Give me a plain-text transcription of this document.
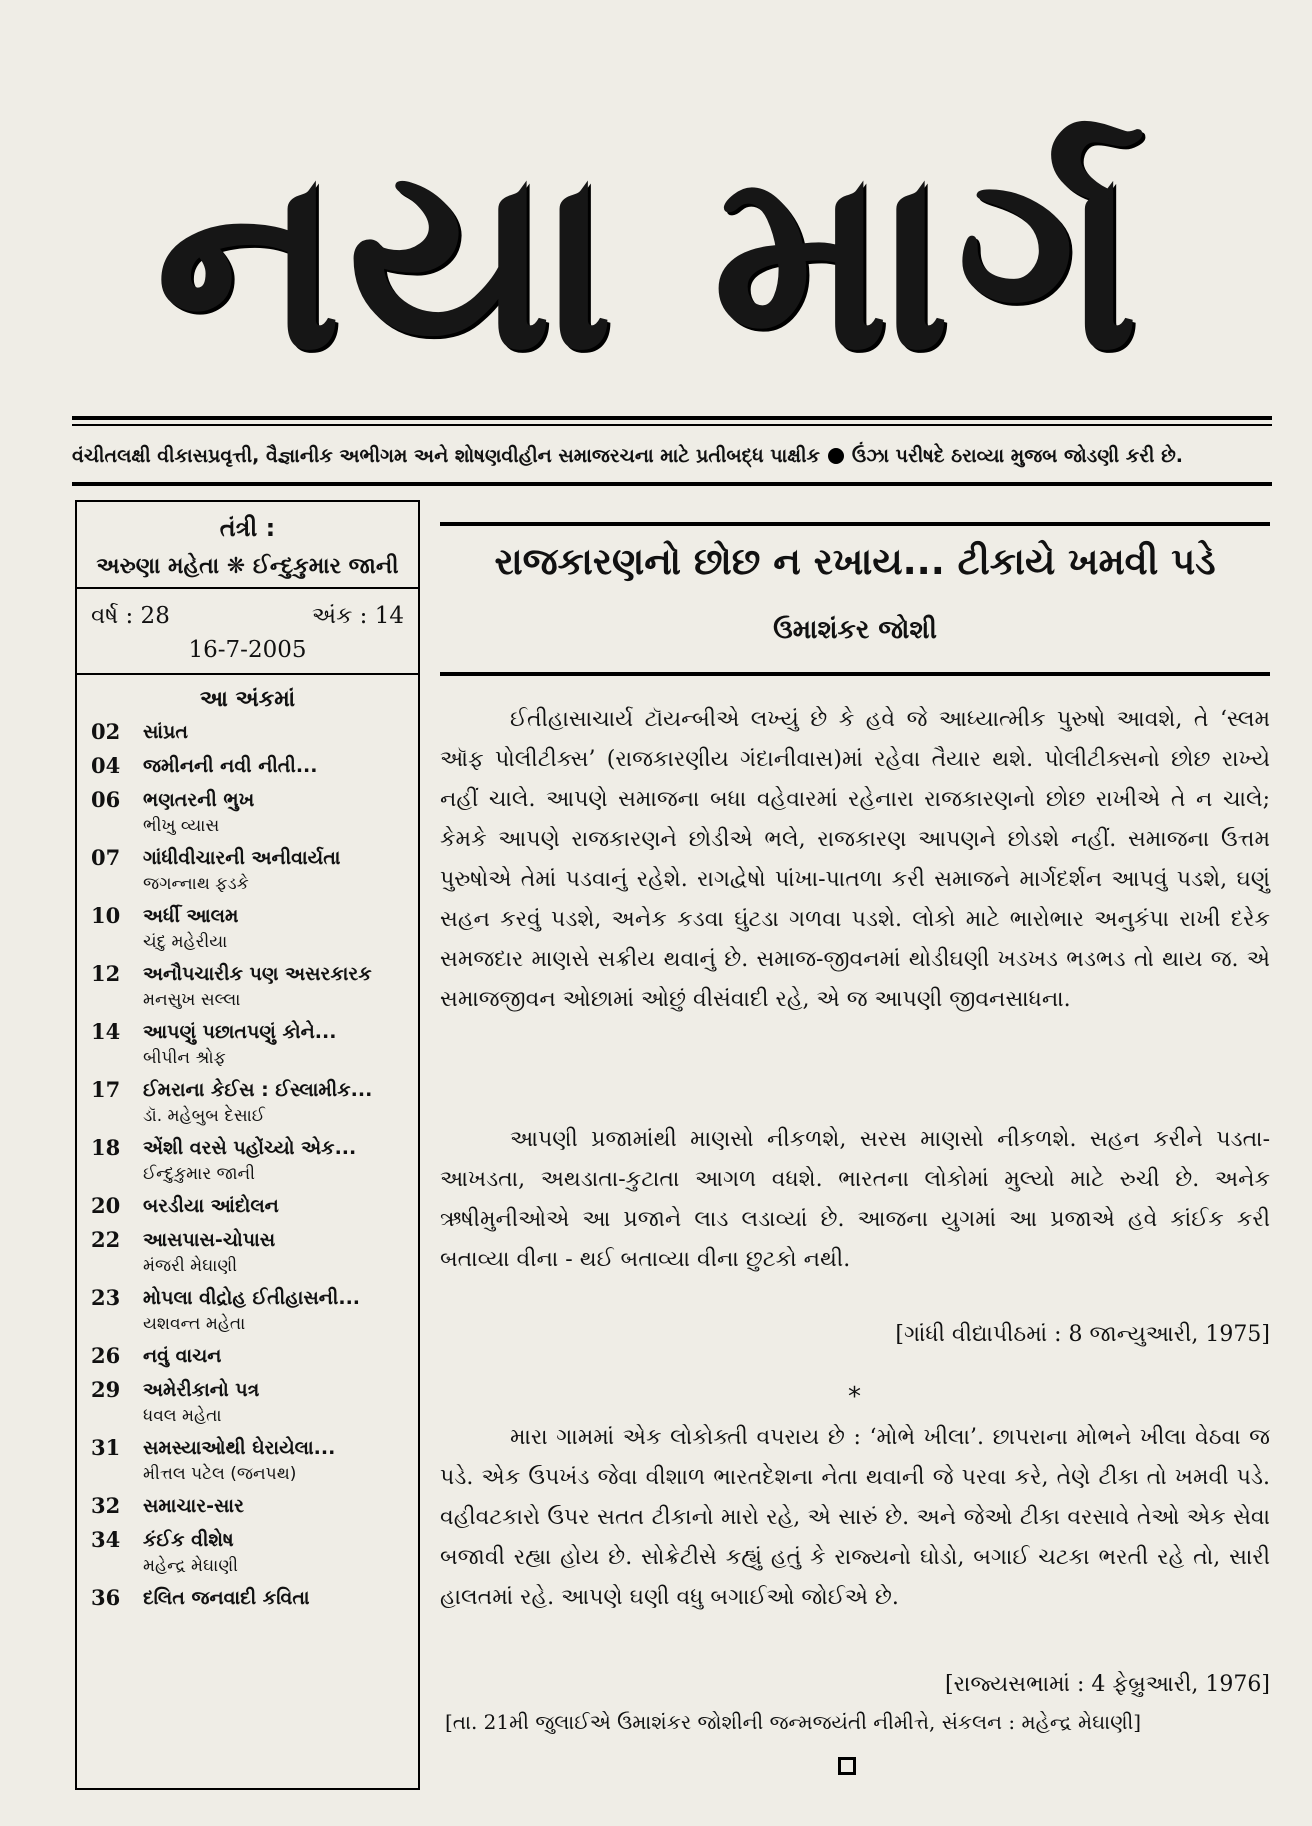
નયા માર્ગ
વંચીતલક્ષી વીકાસપ્રવૃત્તી, વૈજ્ઞાનીક અભીગમ અને શોષણવીહીન સમાજરચના માટે પ્રતીબદ્ધ પાક્ષીક ઉંઝા પરીષદે ઠરાવ્યા મુજબ જોડણી કરી છે.
તંત્રી :
અરુણા મહેતા ❋ ઈન્દુકુમાર જાની
વર્ષ : 28	અંક : 14
16-7-2005
આ અંકમાં
02	સાંપ્રત
04	જમીનની નવી નીતી...
06	ભણતરની ભુખ
ભીખુ વ્યાસ
07	ગાંધીવીચારની અનીવાર્યતા
જગન્નાથ ફડકે
10	અર્ધી આલમ
ચંદુ મહેરીયા
12	અનૌપચારીક પણ અસરકારક
મનસુખ સલ્લા
14	આપણું પછાતપણું કોને...
બીપીન શ્રોફ
17	ઈમરાના કેઈસ : ઈસ્લામીક...
ડૉ. મહેબુબ દેસાઈ
18	એંશી વરસે પહોંચ્યો એક...
ઈન્દુકુમાર જાની
20	બરડીયા આંદોલન
22	આસપાસ-ચોપાસ
મંજરી મેઘાણી
23	મોપલા વીદ્રોહ ઈતીહાસની...
યશવન્ત મહેતા
26	નવું વાચન
29	અમેરીકાનો પત્ર
ધવલ મહેતા
31	સમસ્યાઓથી ઘેરાયેલા...
મીત્તલ પટેલ (જનપથ)
32	સમાચાર-સાર
34	કંઈક વીશેષ
મહેન્દ્ર મેઘાણી
36	દલિત જનવાદી કવિતા
રાજકારણનો છોછ ન રખાય... ટીકાયે ખમવી પડે
ઉમાશંકર જોશી

ઈતીહાસાચાર્ય ટૉયન્બીએ લખ્યું છે કે હવે જે આધ્યાત્મીક પુરુષો આવશે, તે ‘સ્લમ ઑફ પોલીટીક્સ’ (રાજકારણીય ગંદાનીવાસ)માં રહેવા તૈયાર થશે. પોલીટીક્સનો છોછ રાખ્યે નહીં ચાલે. આપણે સમાજના બધા વહેવારમાં રહેનારા રાજકારણનો છોછ રાખીએ તે ન ચાલે; કેમકે આપણે રાજકારણને છોડીએ ભલે, રાજકારણ આપણને છોડશે નહીં. સમાજના ઉત્તમ પુરુષોએ તેમાં પડવાનું રહેશે. રાગદ્વેષો પાંખા-પાતળા કરી સમાજને માર્ગદર્શન આપવું પડશે, ઘણું સહન કરવું પડશે, અનેક કડવા ઘુંટડા ગળવા પડશે. લોકો માટે ભારોભાર અનુકંપા રાખી દરેક સમજદાર માણસે સક્રીય થવાનું છે. સમાજ-જીવનમાં થોડીઘણી ખડખડ ભડભડ તો થાય જ. એ સમાજજીવન ઓછામાં ઓછું વીસંવાદી રહે, એ જ આપણી જીવનસાધના.

આપણી પ્રજામાંથી માણસો નીકળશે, સરસ માણસો નીકળશે. સહન કરીને પડતા-આખડતા, અથડાતા-કુટાતા આગળ વધશે. ભારતના લોકોમાં મુલ્યો માટે રુચી છે. અનેક ઋષીમુનીઓએ આ પ્રજાને લાડ લડાવ્યાં છે. આજના યુગમાં આ પ્રજાએ હવે કાંઈક કરી બતાવ્યા વીના - થઈ બતાવ્યા વીના છુટકો નથી.

[ગાંધી વીદ્યાપીઠમાં : 8 જાન્યુઆરી, 1975]
*

મારા ગામમાં એક લોકોક્તી વપરાય છે : ‘મોભે ખીલા’. છાપરાના મોભને ખીલા વેઠવા જ પડે. એક ઉપખંડ જેવા વીશાળ ભારતદેશના નેતા થવાની જે પરવા કરે, તેણે ટીકા તો ખમવી પડે. વહીવટકારો ઉપર સતત ટીકાનો મારો રહે, એ સારું છે. અને જેઓ ટીકા વરસાવે તેઓ એક સેવા બજાવી રહ્યા હોય છે. સોક્રેટીસે કહ્યું હતું કે રાજ્યનો ઘોડો, બગાઈ ચટકા ભરતી રહે તો, સારી હાલતમાં રહે. આપણે ઘણી વધુ બગાઈઓ જોઈએ છે.

[રાજ્યસભામાં : 4 ફેબ્રુઆરી, 1976]
[તા. 21મી જુલાઈએ ઉમાશંકર જોશીની જન્મજયંતી નીમીત્તે, સંકલન : મહેન્દ્ર મેઘાણી]
